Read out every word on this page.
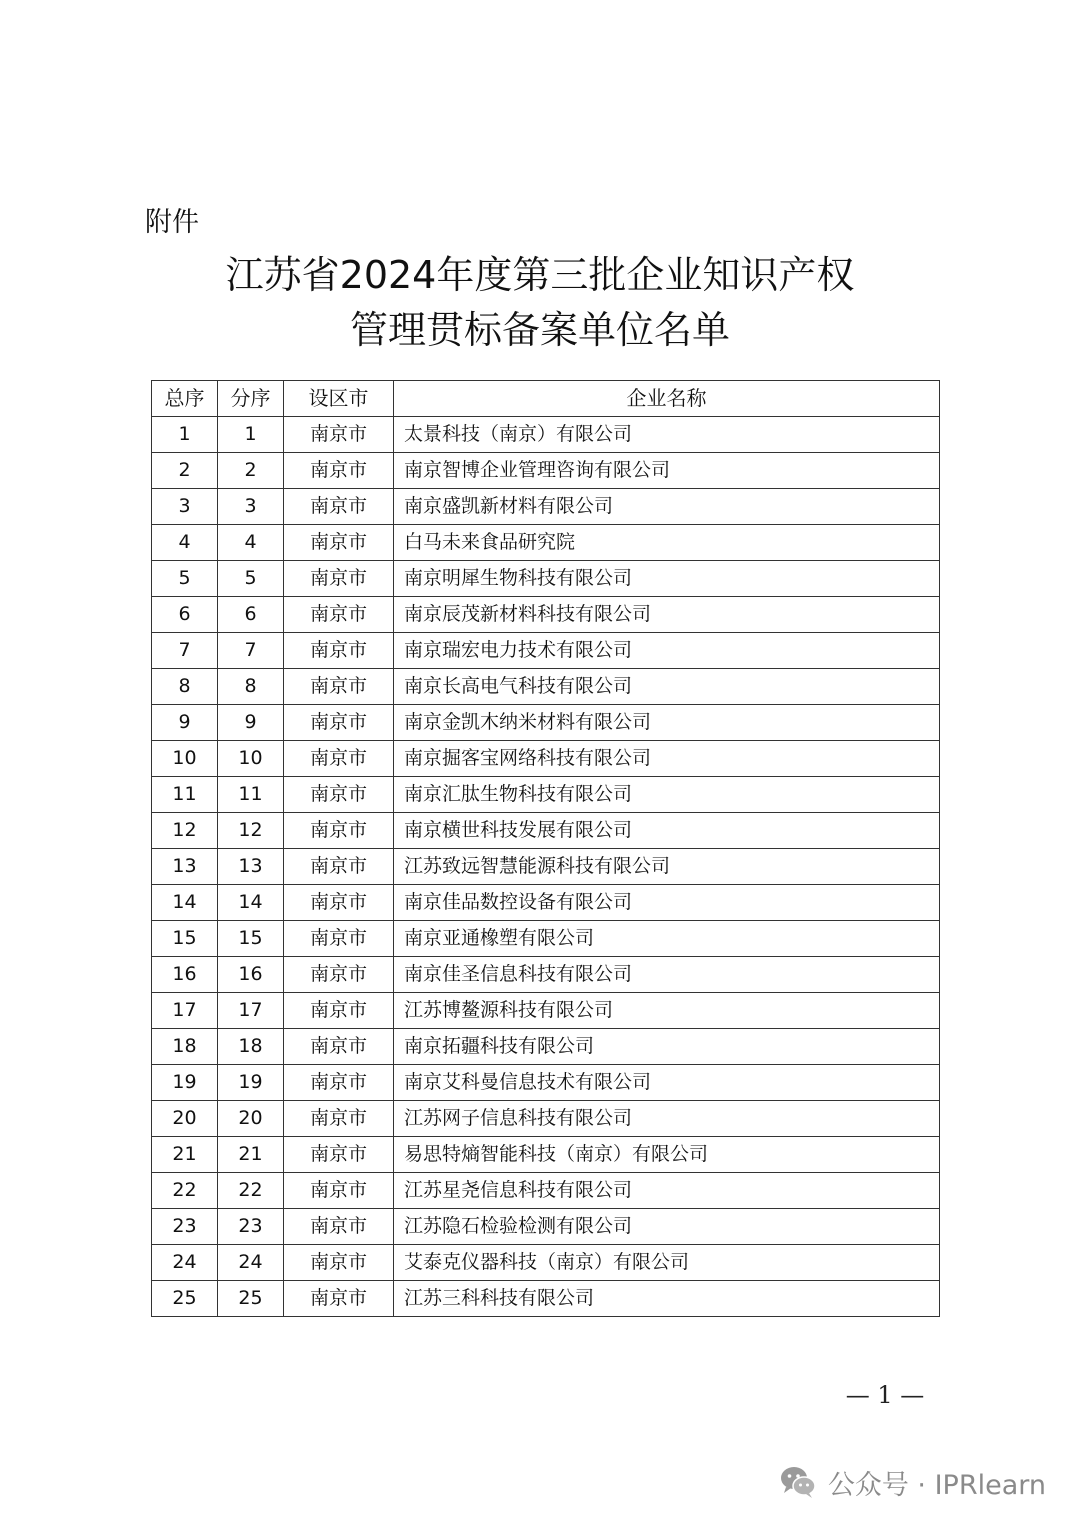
附件
江苏省2024年度第三批企业知识产权
管理贯标备案单位名单
总序	分序	设区市	企业名称
1	1	南京市	太景科技（南京）有限公司
2	2	南京市	南京智博企业管理咨询有限公司
3	3	南京市	南京盛凯新材料有限公司
4	4	南京市	白马未来食品研究院
5	5	南京市	南京明犀生物科技有限公司
6	6	南京市	南京辰茂新材料科技有限公司
7	7	南京市	南京瑞宏电力技术有限公司
8	8	南京市	南京长高电气科技有限公司
9	9	南京市	南京金凯木纳米材料有限公司
10	10	南京市	南京掘客宝网络科技有限公司
11	11	南京市	南京汇肽生物科技有限公司
12	12	南京市	南京横世科技发展有限公司
13	13	南京市	江苏致远智慧能源科技有限公司
14	14	南京市	南京佳品数控设备有限公司
15	15	南京市	南京亚通橡塑有限公司
16	16	南京市	南京佳圣信息科技有限公司
17	17	南京市	江苏博鳌源科技有限公司
18	18	南京市	南京拓疆科技有限公司
19	19	南京市	南京艾科曼信息技术有限公司
20	20	南京市	江苏网子信息科技有限公司
21	21	南京市	易思特熵智能科技（南京）有限公司
22	22	南京市	江苏星尧信息科技有限公司
23	23	南京市	江苏隐石检验检测有限公司
24	24	南京市	艾泰克仪器科技（南京）有限公司
25	25	南京市	江苏三科科技有限公司
— 1 —
公众号 · IPRlearn
